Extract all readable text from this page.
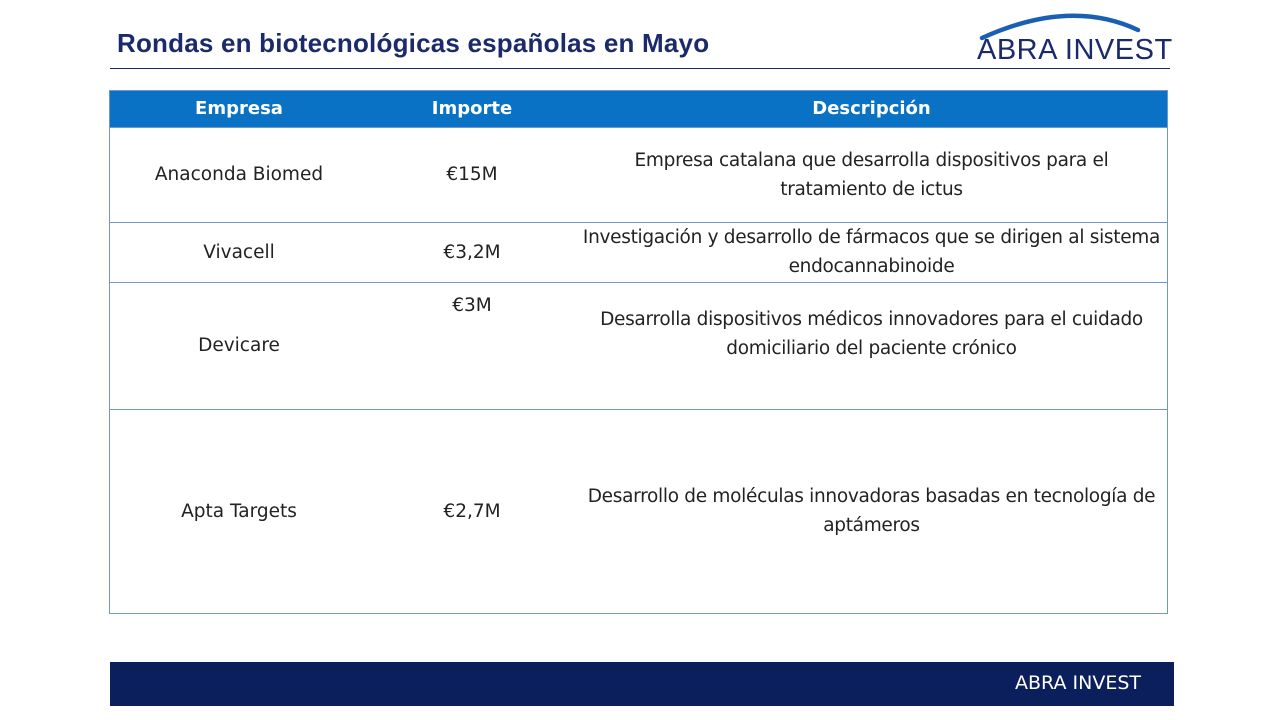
Rondas en biotecnológicas españolas en Mayo	ABRA INVEST
Empresa	Importe	Descripción
Anaconda Biomed	€15M	Empresa catalana que desarrolla dispositivos para el tratamiento de ictus
Vivacell	€3,2M	Investigación y desarrollo de fármacos que se dirigen al sistema endocannabinoide
Devicare	€3M	Desarrolla dispositivos médicos innovadores para el cuidado domiciliario del paciente crónico
Apta Targets	€2,7M	Desarrollo de moléculas innovadoras basadas en tecnología de aptámeros
ABRA INVEST
